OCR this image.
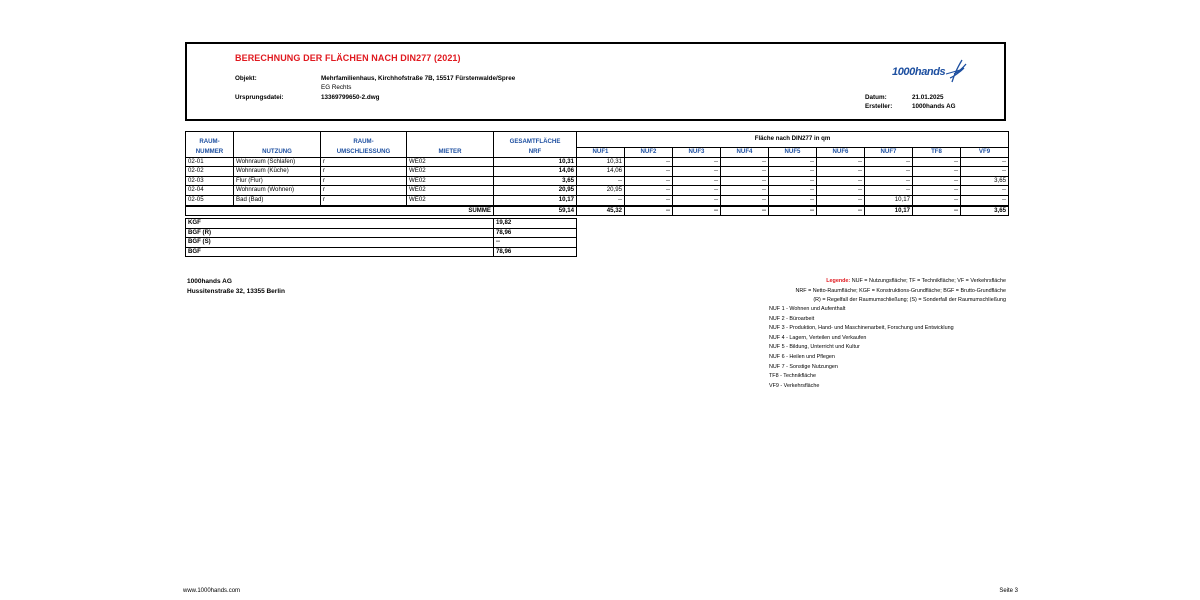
BERECHNUNG DER FLÄCHEN NACH DIN277 (2021)
Objekt:	Mehrfamilienhaus, Kirchhofstraße 7B, 15517 Fürstenwalde/Spree
EG Rechts
Ursprungsdatei:	13369799650-2.dwg	Datum:	21.01.2025
Ersteller:	1000hands AG
1000hands
RAUM-		RAUM-		GESAMTFLÄCHE	Fläche nach DIN277 in qm								
NUMMER	NUTZUNG	UMSCHLIESSUNG	MIETER	NRF	NUF1	NUF2	NUF3	NUF4	NUF5	NUF6	NUF7	TF8	VF9
02-01	Wohnraum (Schlafen)	r	WE02	10,31	10,31	--	--	--	--	--	--	--	--
02-02	Wohnraum (Küche)	r	WE02	14,06	14,06	--	--	--	--	--	--	--	--
02-03	Flur (Flur)	r	WE02	3,65	--	--	--	--	--	--	--	--	3,65
02-04	Wohnraum (Wohnen)	r	WE02	20,95	20,95	--	--	--	--	--	--	--	--
02-05	Bad (Bad)	r	WE02	10,17	--	--	--	--	--	--	10,17	--	--
SUMME				59,14	45,32	--	--	--	--	--	10,17	--	3,65
KGF	19,82
BGF (R)	78,96
BGF (S)	--
BGF	78,96
1000hands AG
Hussitenstraße 32, 13355 Berlin
Legende: NUF = Nutzungsfläche; TF = Technikfläche; VF = Verkehrsfläche
NRF = Netto-Raumfläche; KGF = Konstruktions-Grundfläche; BGF = Brutto-Grundfläche
(R) = Regelfall der Raumumschließung; (S) = Sonderfall der Raumumschließung
NUF 1 - Wohnen und Aufenthalt
NUF 2 - Büroarbeit
NUF 3 - Produktion, Hand- und Maschinenarbeit, Forschung und Entwicklung
NUF 4 - Lagern, Verteilen und Verkaufen
NUF 5 - Bildung, Unterricht und Kultur
NUF 6 - Heilen und Pflegen
NUF 7 - Sonstige Nutzungen
TF8 - Technikfläche
VF9 - Verkehrsfläche
www.1000hands.com	Seite 3
